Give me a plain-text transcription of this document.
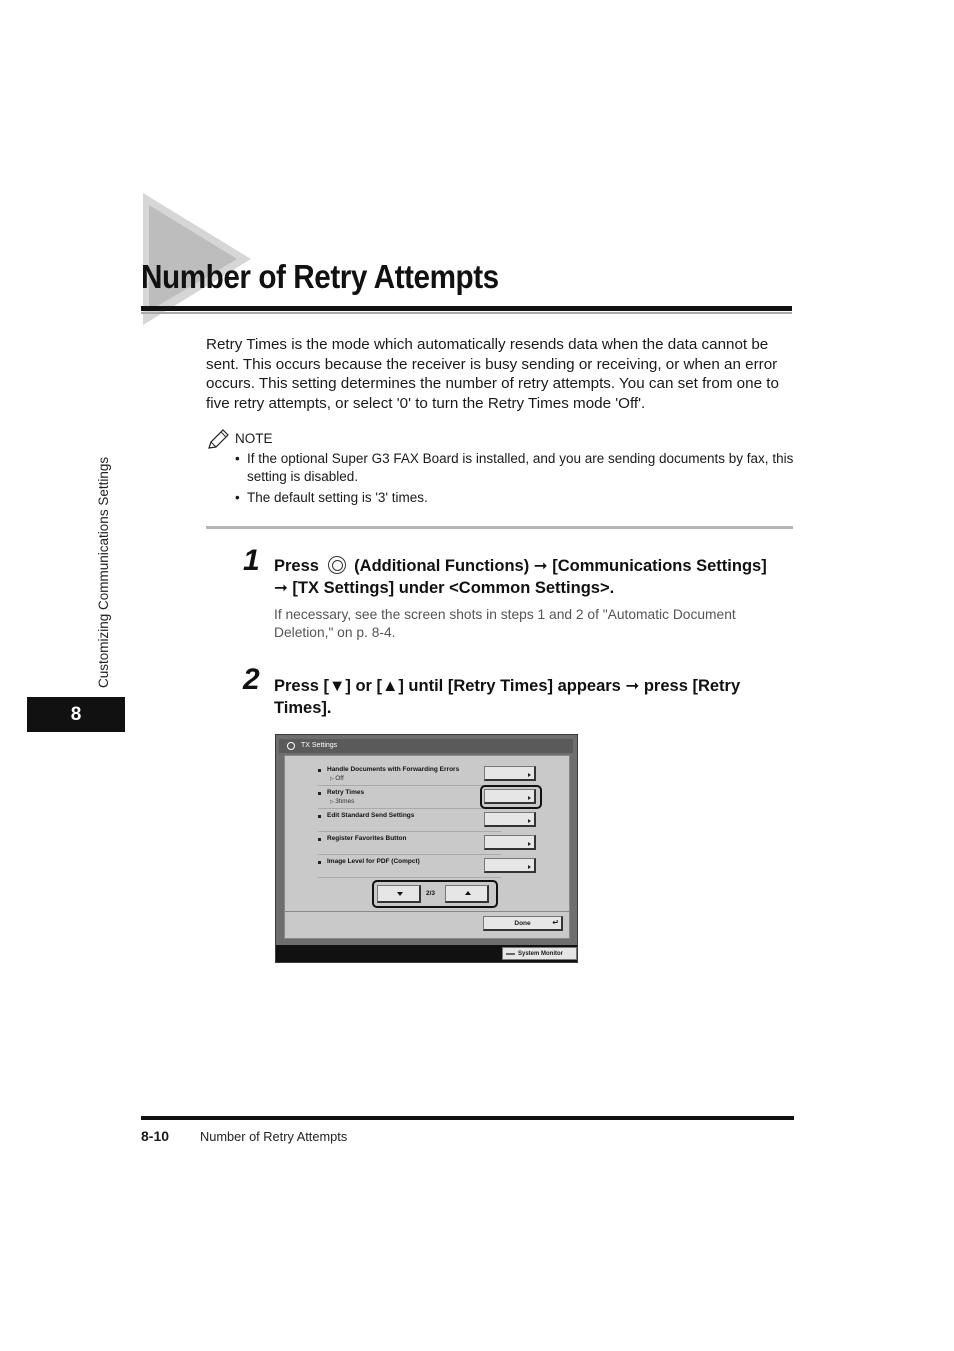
Number of Retry Attempts

Retry Times is the mode which automatically resends data when the data cannot be sent. This occurs because the receiver is busy sending or receiving, or when an error occurs. This setting determines the number of retry attempts. You can set from one to five retry attempts, or select '0' to turn the Retry Times mode 'Off'.

NOTE
• If the optional Super G3 FAX Board is installed, and you are sending documents by fax, this setting is disabled.
• The default setting is '3' times.
1 Press (Additional Functions) ➞ [Communications Settings] ➞ [TX Settings] under <Common Settings>.

If necessary, see the screen shots in steps 1 and 2 of "Automatic Document Deletion," on p. 8-4.

2 Press [▼] or [▲] until [Retry Times] appears ➞ press [Retry Times].
TX Settings
Handle Documents with Forwarding Errors
▷ Off
Retry Times
▷ 3times
Edit Standard Send Settings
Register Favorites Button
Image Level for PDF (Compct)
2/3
Done ↵
System Monitor
Customizing Communications Settings
8
8-10 Number of Retry Attempts
